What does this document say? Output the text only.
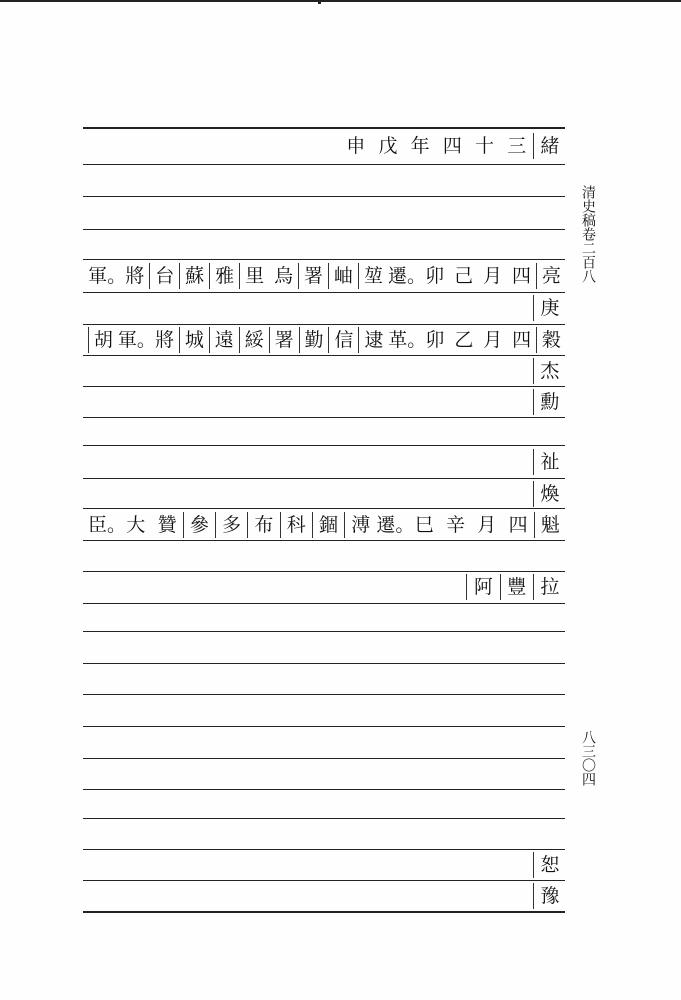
緒
三
十
四
年
戊
申
亮
四
月
己
卯
遷。
堃
岫
署
烏
里
雅
蘇
台
將
軍。
庚
穀
四
月
乙
卯
革。
逮
信
勤
署
綏
遠
城
將
軍。
胡
杰
勳
祉
煥
魁
四
月
辛
巳
遷。
溥
錮
科
布
多
參
贊
大
臣。
拉
豐
阿
恕
豫
清史稿卷二百八
八三〇四
